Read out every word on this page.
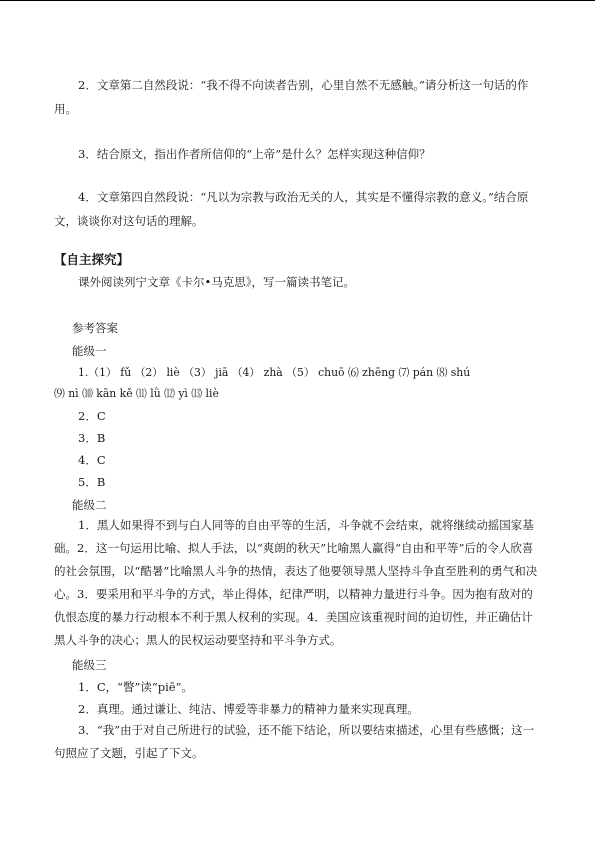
2．文章第二自然段说：“我不得不向读者告别，心里自然不无感触。”请分析这一句话的作用。

3．结合原文，指出作者所信仰的“上帝”是什么？怎样实现这种信仰？

4．文章第四自然段说：“凡以为宗教与政治无关的人，其实是不懂得宗教的意义。”结合原文，谈谈你对这句话的理解。

【自主探究】
课外阅读列宁文章《卡尔•马克思》，写一篇读书笔记。
参考答案
能级一
1.（1） fǔ （2） liè （3） jiā （4） zhà （5） chuō ⑹ zhēng ⑺ pán ⑻ shú
⑼ nì ⑽ kān kě ⑾ lǜ ⑿ yì ⒀ liè
2．C
3．B
4．C
5．B
能级二

1．黑人如果得不到与白人同等的自由平等的生活，斗争就不会结束，就将继续动摇国家基础。2．这一句运用比喻、拟人手法，以“爽朗的秋天”比喻黑人赢得“自由和平等”后的令人欣喜的社会氛围，以“酷暑”比喻黑人斗争的热情，表达了他要领导黑人坚持斗争直至胜利的勇气和决心。3．要采用和平斗争的方式，举止得体，纪律严明，以精神力量进行斗争。因为抱有敌对的仇恨态度的暴力行动根本不利于黑人权利的实现。4．美国应该重视时间的迫切性，并正确估计黑人斗争的决心；黑人的民权运动要坚持和平斗争方式。

能级三
1．C，“瞥”读“piē”。
2．真理。通过谦让、纯洁、博爱等非暴力的精神力量来实现真理。

3．“我”由于对自己所进行的试验，还不能下结论，所以要结束描述，心里有些感慨；这一句照应了文题，引起了下文。
